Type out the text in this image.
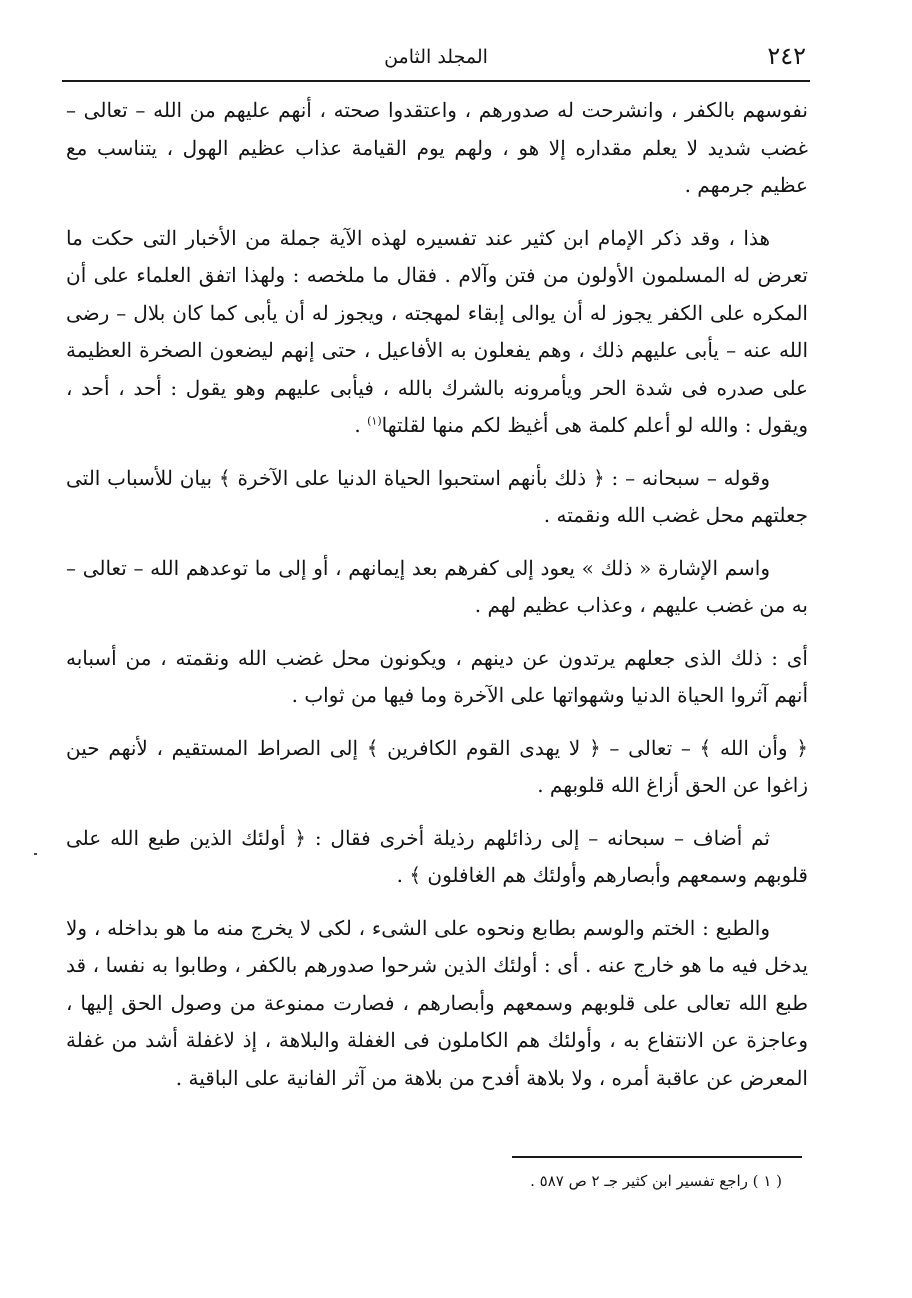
٢٤٢
المجلد الثامن

نفوسهم بالكفر ، وانشرحت له صدورهم ، واعتقدوا صحته ، أنهم عليهم من الله – تعالى – غضب شديد لا يعلم مقداره إلا هو ، ولهم يوم القيامة عذاب عظيم الهول ، يتناسب مع عظيم جرمهم .

هذا ، وقد ذكر الإمام ابن كثير عند تفسيره لهذه الآية جملة من الأخبار التى حكت ما تعرض له المسلمون الأولون من فتن وآلام . فقال ما ملخصه : ولهذا اتفق العلماء على أن المكره على الكفر يجوز له أن يوالى إبقاء لمهجته ، ويجوز له أن يأبى كما كان بلال – رضى الله عنه – يأبى عليهم ذلك ، وهم يفعلون به الأفاعيل ، حتى إنهم ليضعون الصخرة العظيمة على صدره فى شدة الحر ويأمرونه بالشرك بالله ، فيأبى عليهم وهو يقول : أحد ، أحد ، ويقول : والله لو أعلم كلمة هى أغيظ لكم منها لقلتها$^{(١)}$ .

وقوله – سبحانه – : ﴿ ذلك بأنهم استحبوا الحياة الدنيا على الآخرة ﴾ بيان للأسباب التى جعلتهم محل غضب الله ونقمته .

واسم الإشارة « ذلك » يعود إلى كفرهم بعد إيمانهم ، أو إلى ما توعدهم الله – تعالى – به من غضب عليهم ، وعذاب عظيم لهم .

أى : ذلك الذى جعلهم يرتدون عن دينهم ، ويكونون محل غضب الله ونقمته ، من أسبابه أنهم آثروا الحياة الدنيا وشهواتها على الآخرة وما فيها من ثواب .

﴿ وأن الله ﴾ – تعالى – ﴿ لا يهدى القوم الكافرين ﴾ إلى الصراط المستقيم ، لأنهم حين زاغوا عن الحق أزاغ الله قلوبهم .

ثم أضاف – سبحانه – إلى رذائلهم رذيلة أخرى فقال : ﴿ أولئك الذين طبع الله على قلوبهم وسمعهم وأبصارهم وأولئك هم الغافلون ﴾ .

والطبع : الختم والوسم بطابع ونحوه على الشىء ، لكى لا يخرج منه ما هو بداخله ، ولا يدخل فيه ما هو خارج عنه . أى : أولئك الذين شرحوا صدورهم بالكفر ، وطابوا به نفسا ، قد طبع الله تعالى على قلوبهم وسمعهم وأبصارهم ، فصارت ممنوعة من وصول الحق إليها ، وعاجزة عن الانتفاع به ، وأولئك هم الكاملون فى الغفلة والبلاهة ، إذ لاغفلة أشد من غفلة المعرض عن عاقبة أمره ، ولا بلاهة أفدح من بلاهة من آثر الفانية على الباقية .

( ١ ) راجع تفسير ابن كثير جـ ٢ ص ٥٨٧ .
